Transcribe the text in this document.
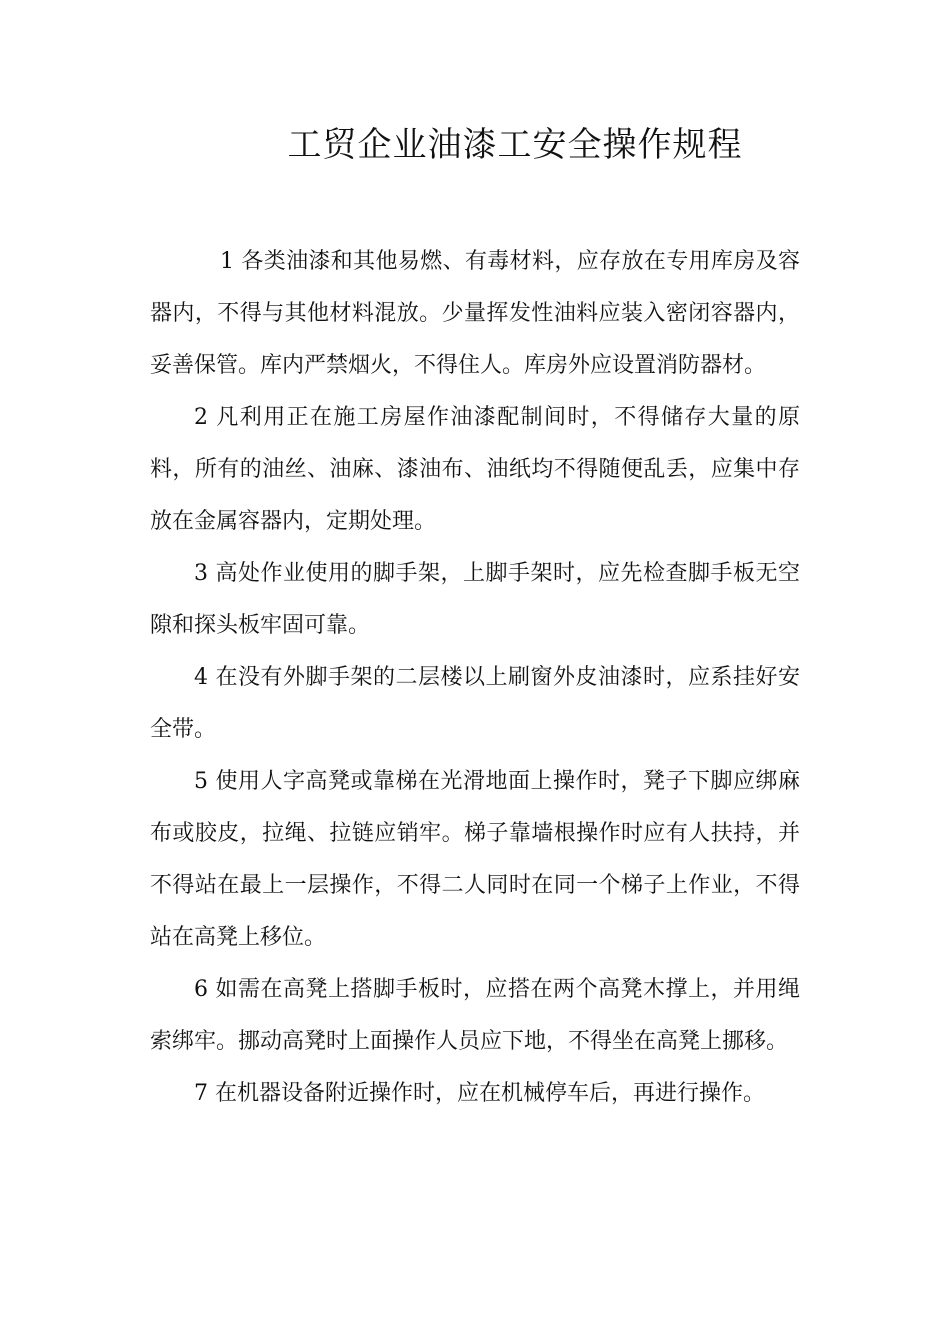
工贸企业油漆工安全操作规程

1 各类油漆和其他易燃、有毒材料，应存放在专用库房及容器内，不得与其他材料混放。少量挥发性油料应装入密闭容器内，妥善保管。库内严禁烟火，不得住人。库房外应设置消防器材。

2 凡利用正在施工房屋作油漆配制间时，不得储存大量的原料，所有的油丝、油麻、漆油布、油纸均不得随便乱丢，应集中存放在金属容器内，定期处理。

3 高处作业使用的脚手架，上脚手架时，应先检查脚手板无空隙和探头板牢固可靠。

4 在没有外脚手架的二层楼以上刷窗外皮油漆时，应系挂好安全带。

5 使用人字高凳或靠梯在光滑地面上操作时，凳子下脚应绑麻布或胶皮，拉绳、拉链应销牢。梯子靠墙根操作时应有人扶持，并不得站在最上一层操作，不得二人同时在同一个梯子上作业，不得站在高凳上移位。

6 如需在高凳上搭脚手板时，应搭在两个高凳木撑上，并用绳索绑牢。挪动高凳时上面操作人员应下地，不得坐在高凳上挪移。

7 在机器设备附近操作时，应在机械停车后，再进行操作。
